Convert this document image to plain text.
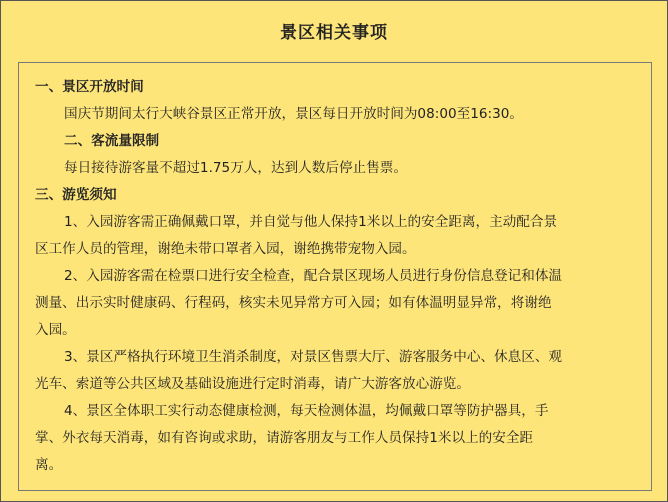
景区相关事项
一、景区开放时间
国庆节期间太行大峡谷景区正常开放，景区每日开放时间为08:00至16:30。
二、客流量限制
每日接待游客量不超过1.75万人，达到人数后停止售票。
三、游览须知
1、入园游客需正确佩戴口罩，并自觉与他人保持1米以上的安全距离，主动配合景
区工作人员的管理，谢绝未带口罩者入园，谢绝携带宠物入园。
2、入园游客需在检票口进行安全检查，配合景区现场人员进行身份信息登记和体温
测量、出示实时健康码、行程码，核实未见异常方可入园；如有体温明显异常，将谢绝
入园。
3、景区严格执行环境卫生消杀制度，对景区售票大厅、游客服务中心、休息区、观
光车、索道等公共区域及基础设施进行定时消毒，请广大游客放心游览。
4、景区全体职工实行动态健康检测，每天检测体温，均佩戴口罩等防护器具，手
掌、外衣每天消毒，如有咨询或求助，请游客朋友与工作人员保持1米以上的安全距
离。
